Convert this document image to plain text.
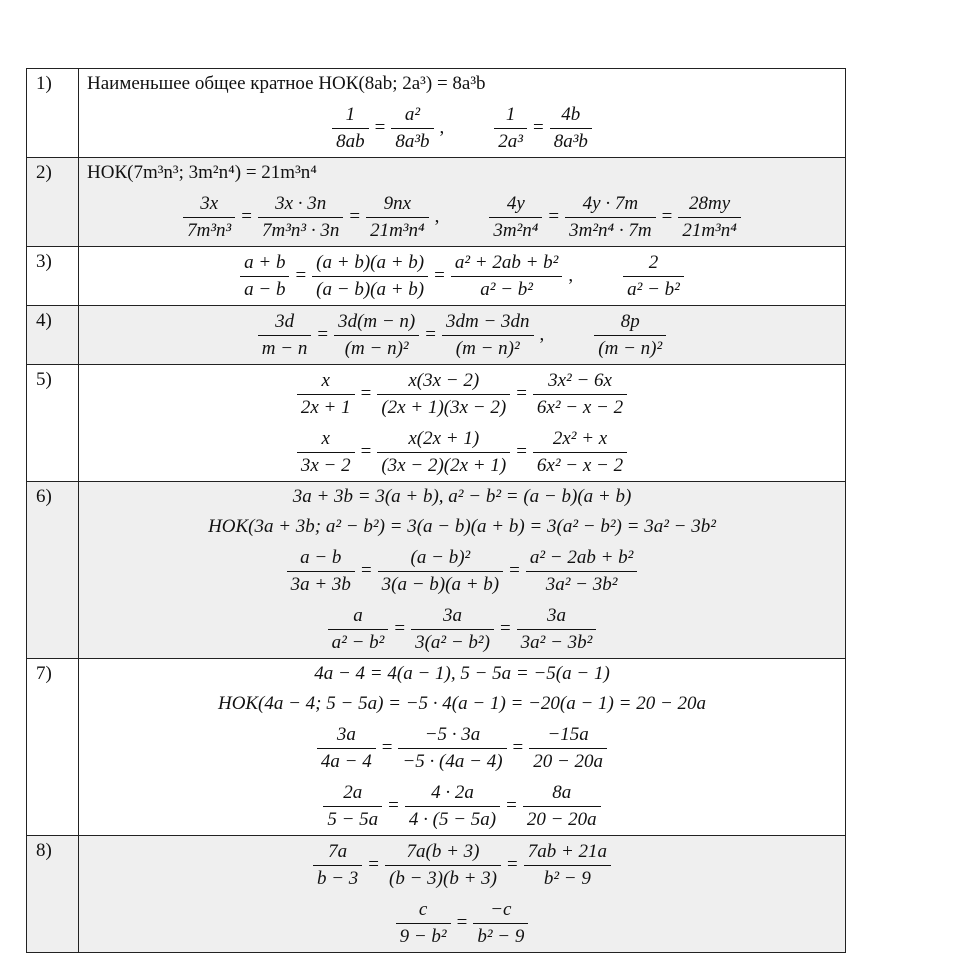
1)	Наименьшее общее кратное НОК(8ab; 2a³) = 8a³b
$\frac{1}{8ab} = \frac{\text{a²}}{\text{8a³b}}$ ,	$\frac{1}{\text{2a³}} = \frac{4b}{\text{8a³b}}$
2)	НОК(7m³n³; 3m²n⁴) = 21m³n⁴
$\frac{3x}{\text{7m³n³}} = \frac{3x \cdot 3n}{\text{7m³n³ · 3n}} = \frac{9nx}{\text{21m³n⁴}}$ ,	$\frac{4y}{\text{3m²n⁴}} = \frac{4y \cdot 7m}{\text{3m²n⁴ · 7m}} = \frac{28my}{\text{21m³n⁴}}$
3)	$\frac{a + b}{a - b} = \frac{(a + b)(a + b)}{(a - b)(a + b)} = \frac{\text{a² + 2ab + b²}}{\text{a² − b²}}$ ,	$\frac{2}{\text{a² − b²}}$
4)	$\frac{3d}{m - n} = \frac{3d(m - n)}{\text{(m − n)²}} = \frac{3dm - 3dn}{\text{(m − n)²}}$ ,	$\frac{8p}{\text{(m − n)²}}$
5)	$\frac{x}{2x + 1} = \frac{x(3x - 2)}{(2x + 1)(3x - 2)} = \frac{\text{3x² − 6x}}{\text{6x² − x − 2}}$
$\frac{x}{3x - 2} = \frac{x(2x + 1)}{(3x - 2)(2x + 1)} = \frac{\text{2x² + x}}{\text{6x² − x − 2}}$
6)	3a + 3b = 3(a + b), a² − b² = (a − b)(a + b)
НОК(3a + 3b; a² − b²) = 3(a − b)(a + b) = 3(a² − b²) = 3a² − 3b²
$\frac{a - b}{3a + 3b} = \frac{\text{(a − b)²}}{3(a - b)(a + b)} = \frac{\text{a² − 2ab + b²}}{\text{3a² − 3b²}}$
$\frac{a}{\text{a² − b²}} = \frac{3a}{\text{3(a² − b²)}} = \frac{3a}{\text{3a² − 3b²}}$
7)	4a − 4 = 4(a − 1), 5 − 5a = −5(a − 1)
НОК(4a − 4; 5 − 5a) = −5 · 4(a − 1) = −20(a − 1) = 20 − 20a
$\frac{3a}{4a - 4} = \frac{-5 \cdot 3a}{-5 \cdot (4a - 4)} = \frac{-15a}{20 - 20a}$
$\frac{2a}{5 - 5a} = \frac{4 \cdot 2a}{4 \cdot (5 - 5a)} = \frac{8a}{20 - 20a}$
8)	$\frac{7a}{b - 3} = \frac{7a(b + 3)}{(b - 3)(b + 3)} = \frac{7ab + 21a}{\text{b² − 9}}$
$\frac{c}{\text{9 − b²}} = \frac{-c}{\text{b² − 9}}$
